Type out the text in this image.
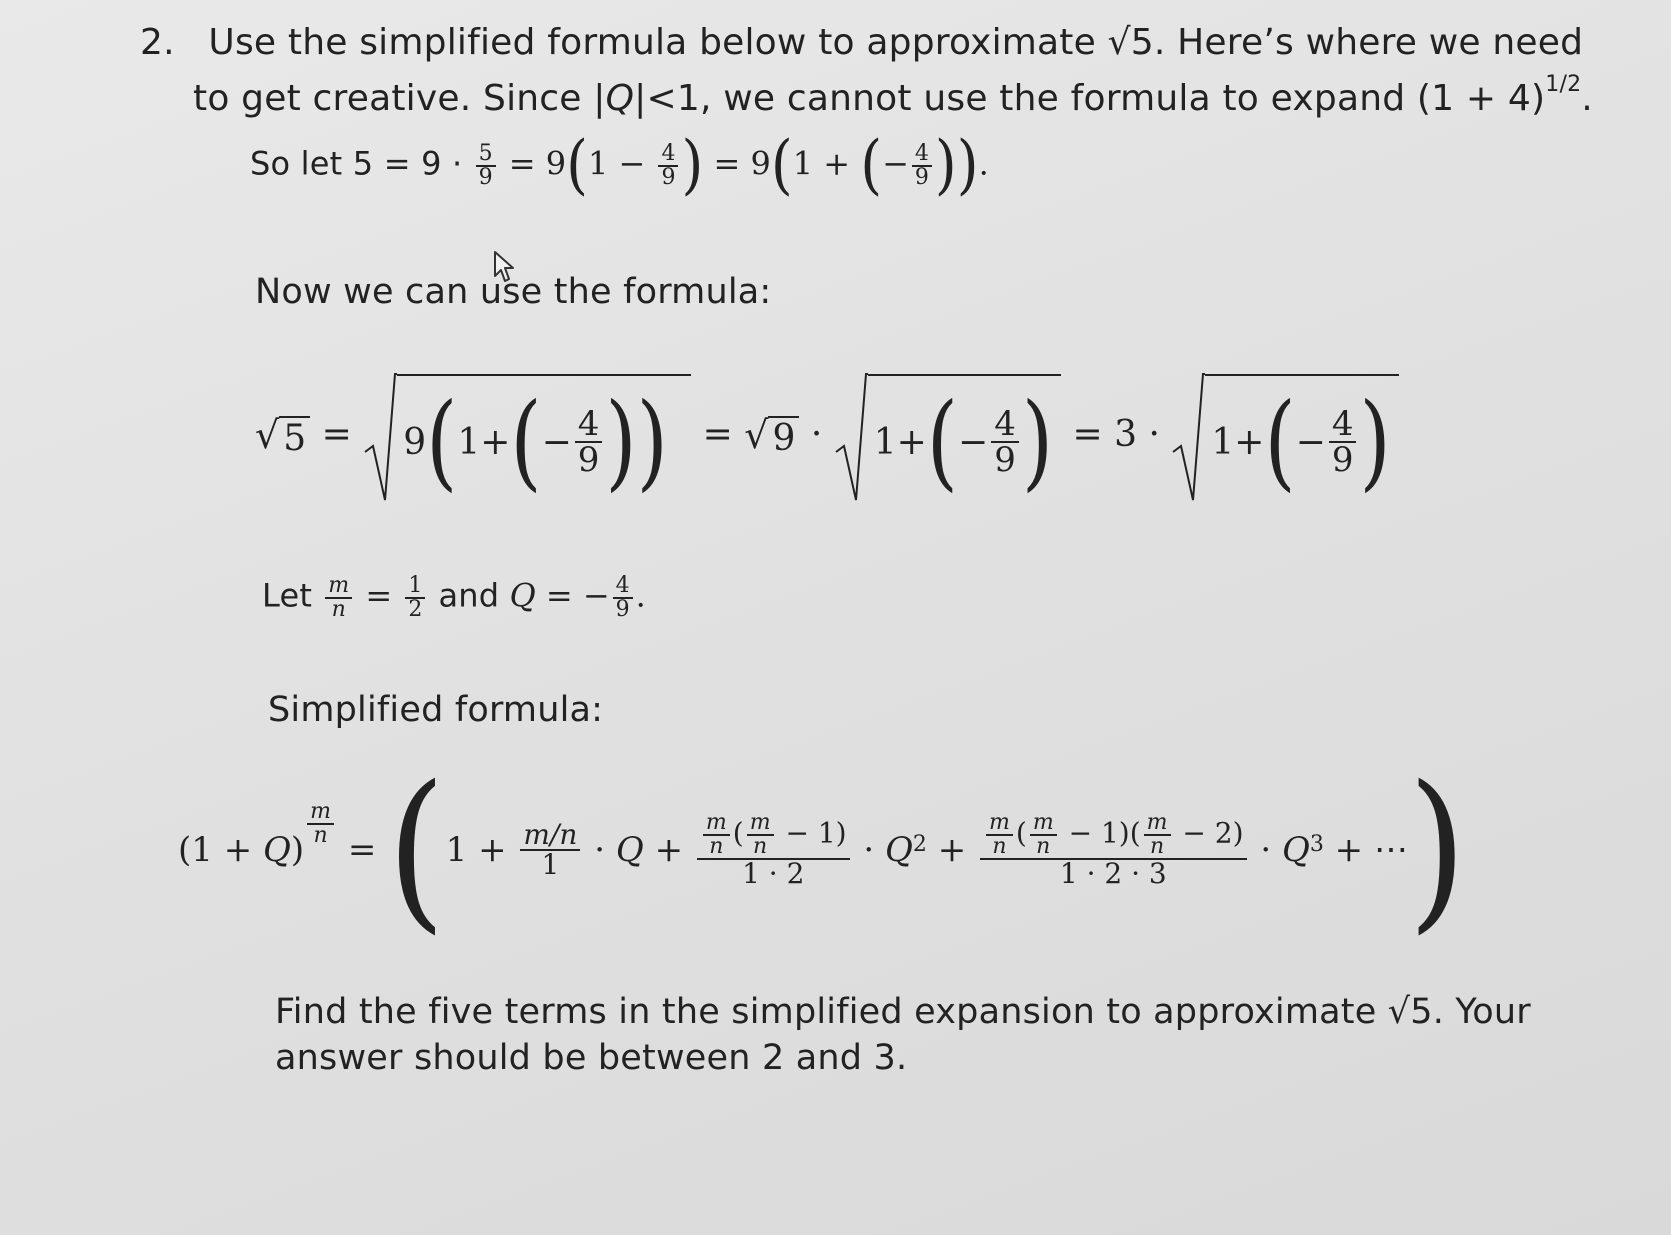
2. Use the simplified formula below to approximate √5. Here’s where we need
to get creative. Since |Q|<1, we cannot use the formula to expand $(1 + 4)^{1/2}$.
So let $5 = 9 \cdot \frac{5}{9} = 9(1 - \frac{4}{9}$ ) = 9(1 + (− $\frac{4}{9}$ )).
Now we can use the formula:
√ 5 = 9 ( 1 + ( − $\frac{4}{9}$ ) ) = √ 9 · 1 + ( − $\frac{4}{9}$ ) = 3 · 1 + ( − $\frac{4}{9}$ )
Let $\frac{m}{n} = \frac{1}{2}$ and Q = − $\frac{4}{9}$ .
Simplified formula:
( 1 + Q )
$\frac{m}{n}$
= ( $1 + \frac{m/n}{1} \cdot Q + \frac{\frac{m}{n} ( \frac{m}{n} - 1)}{1 \cdot 2} \cdot Q^2 + \frac{\frac{m}{n} ( \frac{m}{n} - 1)( \frac{m}{n} - 2)}{1 \cdot 2 \cdot 3} \cdot Q^3$ + ⋯ )
Find the five terms in the simplified expansion to approximate √5. Your
answer should be between 2 and 3.
